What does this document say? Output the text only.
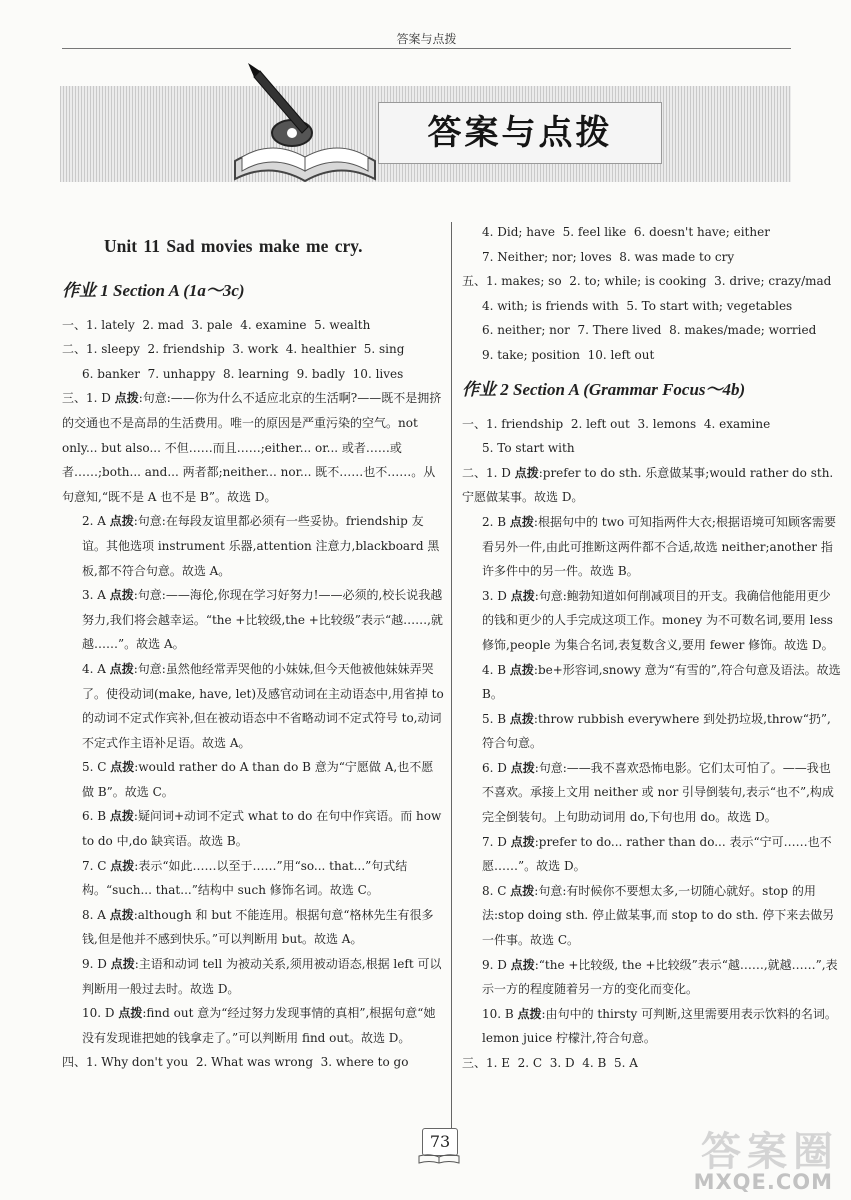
答案与点拨
答案与点拨
Unit 11 Sad movies make me cry.
作业 1 Section A (1a～3c)

一、1. lately  2. mad  3. pale  4. examine  5. wealth

二、1. sleepy  2. friendship  3. work  4. healthier  5. sing

6. banker  7. unhappy  8. learning  9. badly  10. lives

三、1. D 点拨:句意:——你为什么不适应北京的生活啊?——既不是拥挤的交通也不是高昂的生活费用。唯一的原因是严重污染的空气。not only... but also... 不但……而且……;either... or... 或者……或者……;both... and... 两者都;neither... nor... 既不……也不……。从句意知,“既不是 A 也不是 B”。故选 D。

2. A 点拨:句意:在每段友谊里都必须有一些妥协。friendship 友谊。其他选项 instrument 乐器,attention 注意力,blackboard 黑板,都不符合句意。故选 A。

3. A 点拨:句意:——海伦,你现在学习好努力!——必须的,校长说我越努力,我们将会越幸运。“the +比较级,the +比较级”表示“越……,就越……”。故选 A。

4. A 点拨:句意:虽然他经常弄哭他的小妹妹,但今天他被他妹妹弄哭了。使役动词(make, have, let)及感官动词在主动语态中,用省掉 to 的动词不定式作宾补,但在被动语态中不省略动词不定式符号 to,动词不定式作主语补足语。故选 A。

5. C 点拨:would rather do A than do B 意为“宁愿做 A,也不愿做 B”。故选 C。

6. B 点拨:疑问词+动词不定式 what to do 在句中作宾语。而 how to do 中,do 缺宾语。故选 B。

7. C 点拨:表示“如此……以至于……”用“so... that...”句式结构。“such... that...”结构中 such 修饰名词。故选 C。

8. A 点拨:although 和 but 不能连用。根据句意“格林先生有很多钱,但是他并不感到快乐。”可以判断用 but。故选 A。

9. D 点拨:主语和动词 tell 为被动关系,须用被动语态,根据 left 可以判断用一般过去时。故选 D。

10. D 点拨:find out 意为“经过努力发现事情的真相”,根据句意“她没有发现谁把她的钱拿走了。”可以判断用 find out。故选 D。

四、1. Why don't you  2. What was wrong  3. where to go

4. Did; have  5. feel like  6. doesn't have; either

7. Neither; nor; loves  8. was made to cry

五、1. makes; so  2. to; while; is cooking  3. drive; crazy/mad

4. with; is friends with  5. To start with; vegetables

6. neither; nor  7. There lived  8. makes/made; worried

9. take; position  10. left out

作业 2 Section A (Grammar Focus～4b)

一、1. friendship  2. left out  3. lemons  4. examine

5. To start with

二、1. D 点拨:prefer to do sth. 乐意做某事;would rather do sth. 宁愿做某事。故选 D。

2. B 点拨:根据句中的 two 可知指两件大衣;根据语境可知顾客需要看另外一件,由此可推断这两件都不合适,故选 neither;another 指许多件中的另一件。故选 B。

3. D 点拨:句意:鲍勃知道如何削减项目的开支。我确信他能用更少的钱和更少的人手完成这项工作。money 为不可数名词,要用 less 修饰,people 为集合名词,表复数含义,要用 fewer 修饰。故选 D。

4. B 点拨:be+形容词,snowy 意为“有雪的”,符合句意及语法。故选 B。

5. B 点拨:throw rubbish everywhere 到处扔垃圾,throw“扔”,符合句意。

6. D 点拨:句意:——我不喜欢恐怖电影。它们太可怕了。——我也不喜欢。承接上文用 neither 或 nor 引导倒装句,表示“也不”,构成完全倒装句。上句助动词用 do,下句也用 do。故选 D。

7. D 点拨:prefer to do... rather than do... 表示“宁可……也不愿……”。故选 D。

8. C 点拨:句意:有时候你不要想太多,一切随心就好。stop 的用法:stop doing sth. 停止做某事,而 stop to do sth. 停下来去做另一件事。故选 C。

9. D 点拨:“the +比较级, the +比较级”表示“越……,就越……”,表示一方的程度随着另一方的变化而变化。

10. B 点拨:由句中的 thirsty 可判断,这里需要用表示饮料的名词。lemon juice 柠檬汁,符合句意。

三、1. E  2. C  3. D  4. B  5. A

73	答案圈
MXQE.COM
